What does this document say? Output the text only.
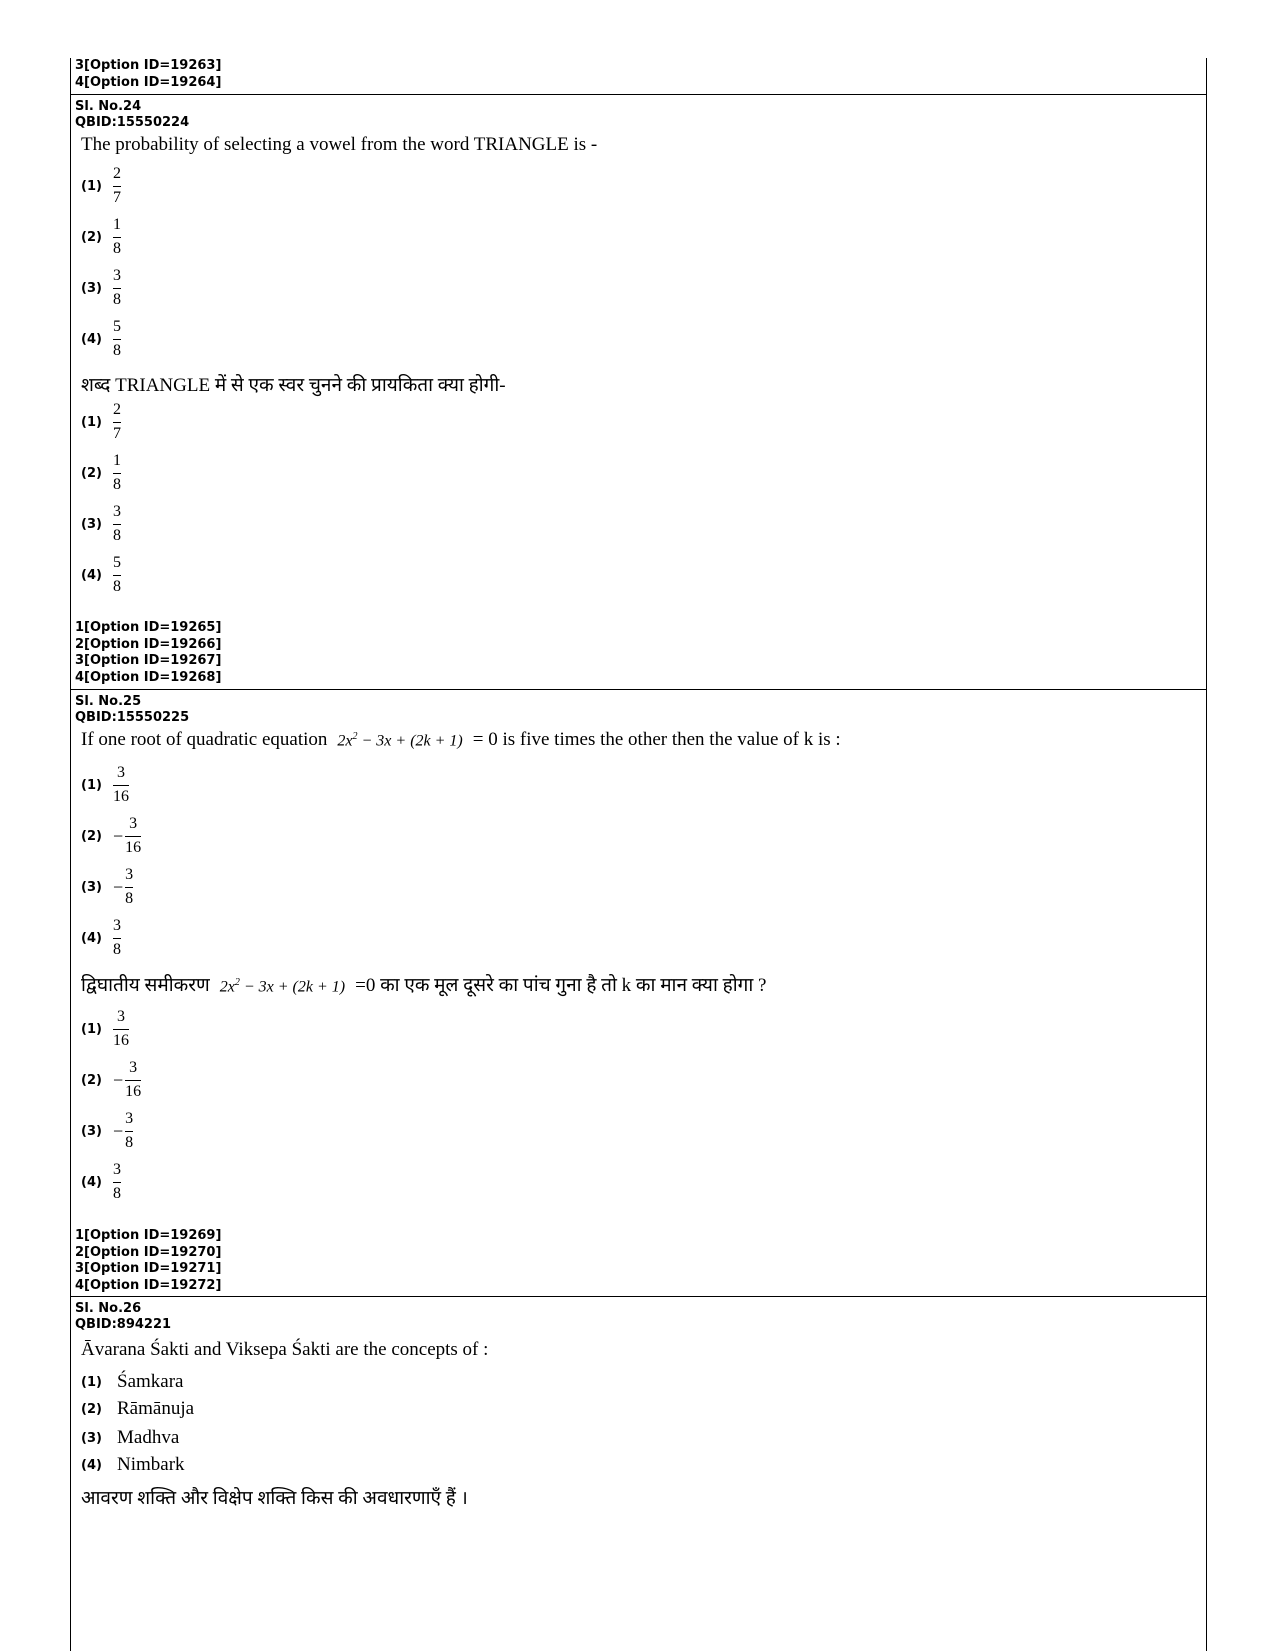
3[Option ID=19263]
4[Option ID=19264]
Sl. No.24
QBID:15550224
The probability of selecting a vowel from the word TRIANGLE is -
$(1) \frac{2}{7}$
$(2) \frac{1}{8}$
$(3) \frac{3}{8}$
$(4) \frac{5}{8}$
शब्द TRIANGLE में से एक स्वर चुनने की प्रायकिता क्या होगी-
$(1) \frac{2}{7}$
$(2) \frac{1}{8}$
$(3) \frac{3}{8}$
$(4) \frac{5}{8}$
1[Option ID=19265]
2[Option ID=19266]
3[Option ID=19267]
4[Option ID=19268]
Sl. No.25
QBID:15550225
If one root of quadratic equation $2x^2 - 3x + (2k + 1) = 0$ is five times the other then the value of k is :
$(1) \frac{3}{16}$
$(2) - \frac{3}{16}$
$(3) - \frac{3}{8}$
$(4) \frac{3}{8}$
द्विघातीय समीकरण $2x^2 - 3x + (2k + 1) =0$ का एक मूल दूसरे का पांच गुना है तो k का मान क्या होगा ?
$(1) \frac{3}{16}$
$(2) - \frac{3}{16}$
$(3) - \frac{3}{8}$
$(4) \frac{3}{8}$
1[Option ID=19269]
2[Option ID=19270]
3[Option ID=19271]
4[Option ID=19272]
Sl. No.26
QBID:894221
Āvarana Śakti and Viksepa Śakti are the concepts of :
(1) Śamkara
(2) Rāmānuja
(3) Madhva
(4) Nimbark
आवरण शक्ति और विक्षेप शक्ति किस की अवधारणाएँ हैं ।
